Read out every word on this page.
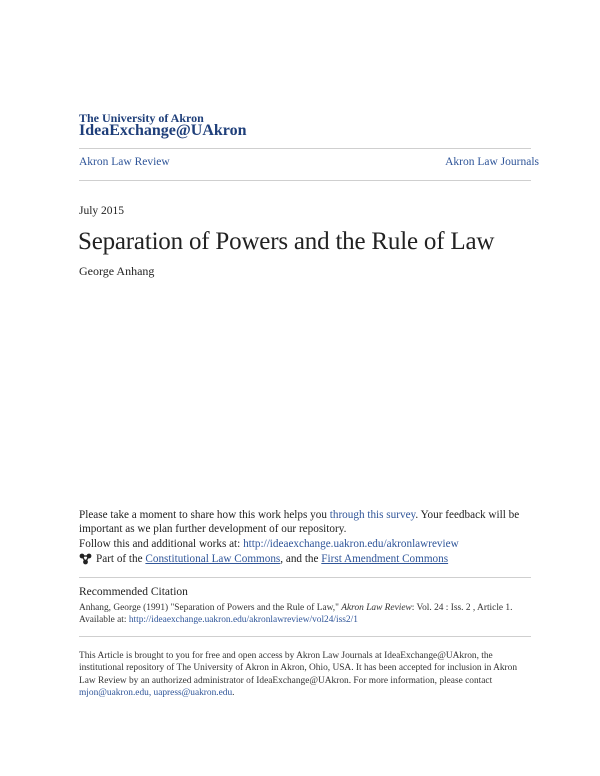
The University of Akron
IdeaExchange@UAkron
Akron Law Review	Akron Law Journals
July 2015
Separation of Powers and the Rule of Law
George Anhang
Please take a moment to share how this work helps you through this survey. Your feedback will be important as we plan further development of our repository.
Follow this and additional works at: http://ideaexchange.uakron.edu/akronlawreview
Part of the Constitutional Law Commons, and the First Amendment Commons
Recommended Citation
Anhang, George (1991) "Separation of Powers and the Rule of Law," Akron Law Review: Vol. 24 : Iss. 2 , Article 1.
Available at: http://ideaexchange.uakron.edu/akronlawreview/vol24/iss2/1
This Article is brought to you for free and open access by Akron Law Journals at IdeaExchange@UAkron, the institutional repository of The University of Akron in Akron, Ohio, USA. It has been accepted for inclusion in Akron Law Review by an authorized administrator of IdeaExchange@UAkron. For more information, please contact mjon@uakron.edu, uapress@uakron.edu.
